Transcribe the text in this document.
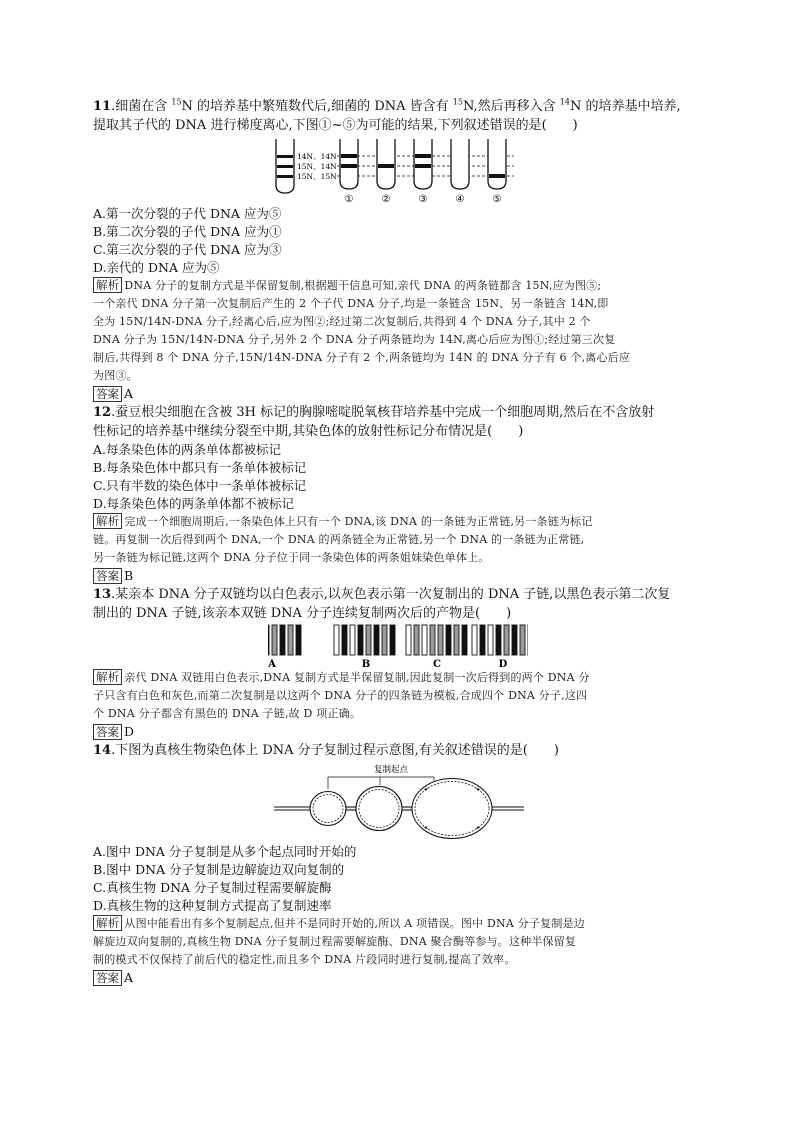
11.细菌在含 $^{15}$N 的培养基中繁殖数代后,细菌的 DNA 皆含有 $^{15}$N,然后再移入含 $^{14}$N 的培养基中培养,

提取其子代的 DNA 进行梯度离心,下图①~⑤为可能的结果,下列叙述错误的是(　　)

14N、14N
15N、14N
15N、15N
①	②	③	④	⑤

A.第一次分裂的子代 DNA 应为⑤

B.第二次分裂的子代 DNA 应为①

C.第三次分裂的子代 DNA 应为③

D.亲代的 DNA 应为⑤

解析 DNA 分子的复制方式是半保留复制,根据题干信息可知,亲代 DNA 的两条链都含 15N,应为图⑤;

一个亲代 DNA 分子第一次复制后产生的 2 个子代 DNA 分子,均是一条链含 15N、另一条链含 14N,即

全为 15N/14N-DNA 分子,经离心后,应为图②;经过第二次复制后,共得到 4 个 DNA 分子,其中 2 个

DNA 分子为 15N/14N-DNA 分子,另外 2 个 DNA 分子两条链均为 14N,离心后应为图①;经过第三次复

制后,共得到 8 个 DNA 分子,15N/14N-DNA 分子有 2 个,两条链均为 14N 的 DNA 分子有 6 个,离心后应

为图③。

答案 A

12.蚕豆根尖细胞在含被 3H 标记的胸腺嘧啶脱氧核苷培养基中完成一个细胞周期,然后在不含放射

性标记的培养基中继续分裂至中期,其染色体的放射性标记分布情况是(　　)

A.每条染色体的两条单体都被标记

B.每条染色体中都只有一条单体被标记

C.只有半数的染色体中一条单体被标记

D.每条染色体的两条单体都不被标记

解析 完成一个细胞周期后,一条染色体上只有一个 DNA,该 DNA 的一条链为正常链,另一条链为标记

链。再复制一次后得到两个 DNA,一个 DNA 的两条链全为正常链,另一个 DNA 的一条链为正常链,

另一条链为标记链,这两个 DNA 分子位于同一条染色体的两条姐妹染色单体上。

答案 B

13.某亲本 DNA 分子双链均以白色表示,以灰色表示第一次复制出的 DNA 子链,以黑色表示第二次复

制出的 DNA 子链,该亲本双链 DNA 分子连续复制两次后的产物是(　　)

A	B	C	D

解析 亲代 DNA 双链用白色表示,DNA 复制方式是半保留复制,因此复制一次后得到的两个 DNA 分

子只含有白色和灰色,而第二次复制是以这两个 DNA 分子的四条链为模板,合成四个 DNA 分子,这四

个 DNA 分子都含有黑色的 DNA 子链,故 D 项正确。

答案 D

14.下图为真核生物染色体上 DNA 分子复制过程示意图,有关叙述错误的是(　　)

复制起点

A.图中 DNA 分子复制是从多个起点同时开始的

B.图中 DNA 分子复制是边解旋边双向复制的

C.真核生物 DNA 分子复制过程需要解旋酶

D.真核生物的这种复制方式提高了复制速率

解析 从图中能看出有多个复制起点,但并不是同时开始的,所以 A 项错误。图中 DNA 分子复制是边

解旋边双向复制的,真核生物 DNA 分子复制过程需要解旋酶、DNA 聚合酶等参与。这种半保留复

制的模式不仅保持了前后代的稳定性,而且多个 DNA 片段同时进行复制,提高了效率。

答案 A
